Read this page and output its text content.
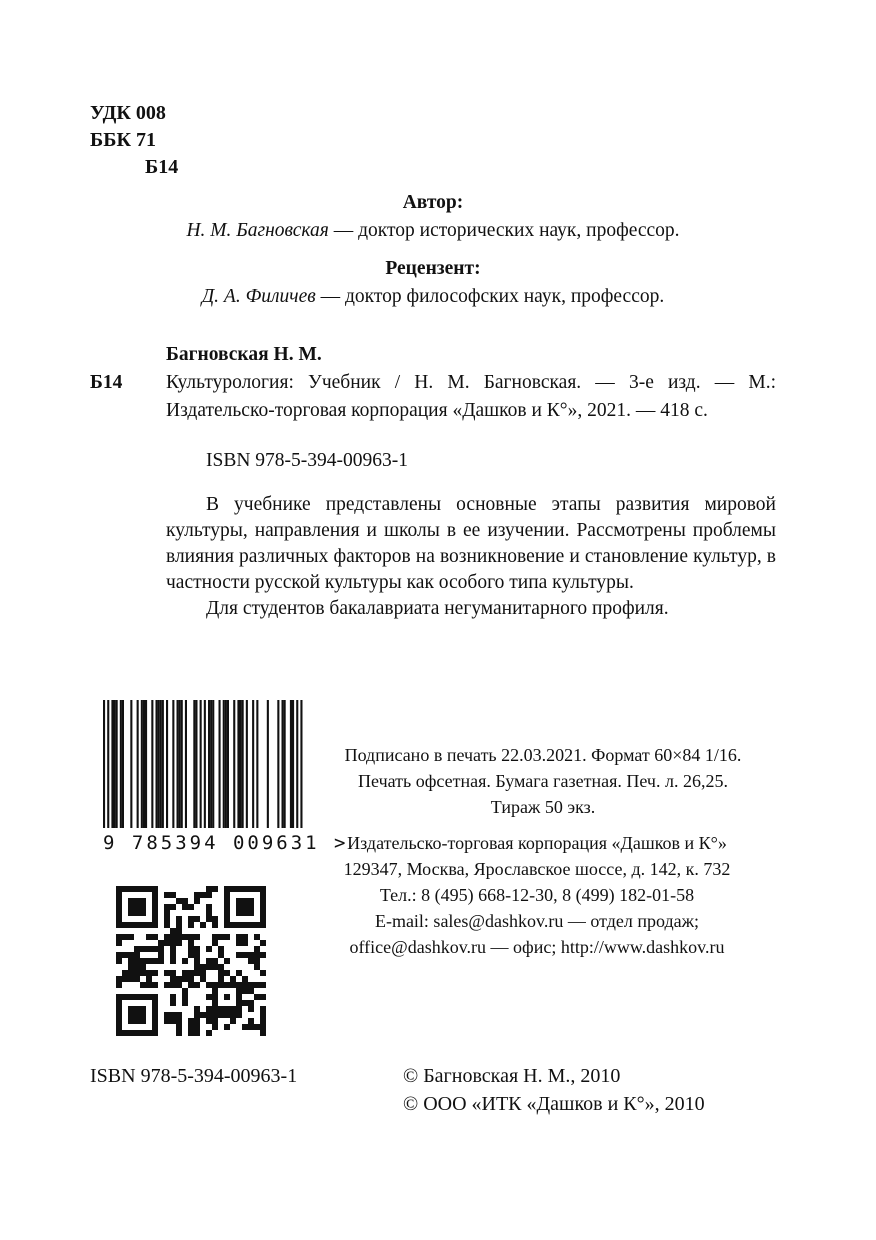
УДК 008
ББК 71
Б14
Автор:
Н. М. Багновская — доктор исторических наук, профессор.
Рецензент:
Д. А. Филичев — доктор философских наук, профессор.
Багновская Н. М.
Б14	Культурология: Учебник / Н. М. Багновская. — 3-е изд. — М.: Издательско-торговая корпорация «Дашков и К°», 2021. — 418 с.
ISBN 978-5-394-00963-1

В учебнике представлены основные этапы развития мировой культуры, направления и школы в ее изучении. Рассмотрены проблемы влияния различных факторов на возникновение и становление культур, в частности русской культуры как особого типа культуры.

Для студентов бакалавриата негуманитарного профиля.

9 785394 009631 >
Подписано в печать 22.03.2021. Формат 60×84 1/16.
Печать офсетная. Бумага газетная. Печ. л. 26,25.
Тираж 50 экз.
Издательско-торговая корпорация «Дашков и К°»
129347, Москва, Ярославское шоссе, д. 142, к. 732
Тел.: 8 (495) 668-12-30, 8 (499) 182-01-58
E-mail: sales@dashkov.ru — отдел продаж;
office@dashkov.ru — офис; http://www.dashkov.ru
ISBN 978-5-394-00963-1	© Багновская Н. М., 2010
© ООО «ИТК «Дашков и К°», 2010
